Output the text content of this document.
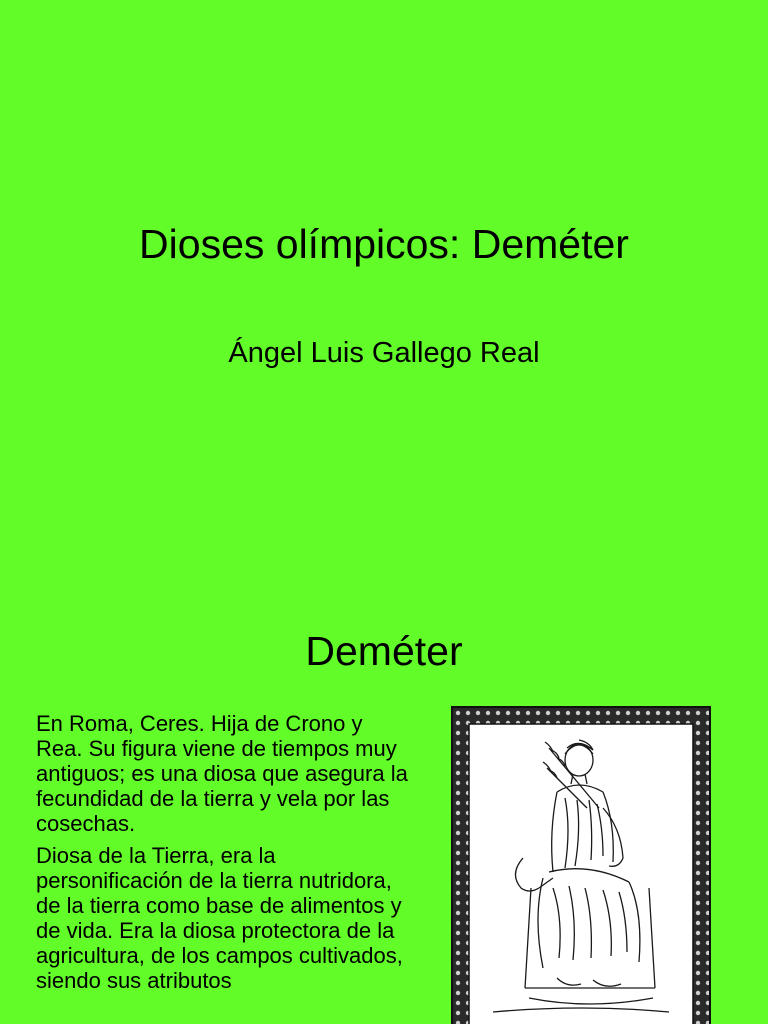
Dioses olímpicos: Deméter
Ángel Luis Gallego Real
Deméter

En Roma, Ceres. Hija de Crono y Rea. Su figura viene de tiempos muy antiguos; es una diosa que asegura la fecundidad de la tierra y vela por las cosechas.

Diosa de la Tierra, era la personificación de la tierra nutridora, de la tierra como base de alimentos y de vida. Era la diosa protectora de la agricultura, de los campos cultivados, siendo sus atributos
